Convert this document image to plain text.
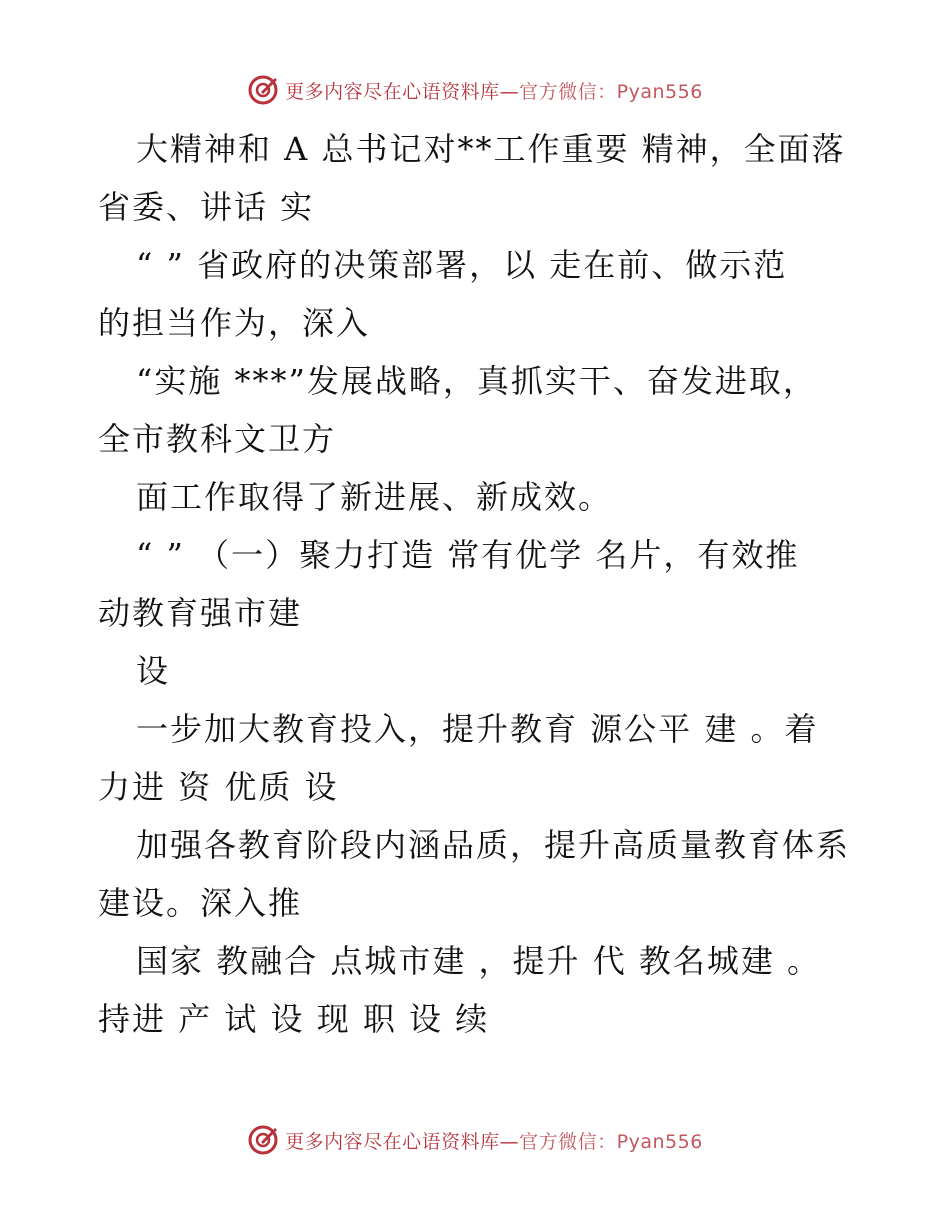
更多内容尽在心语资料库—官方微信：Pyan556
大精神和 A 总书记对**工作重要 精神，全面落
省委、讲话 实
“ ” 省政府的决策部署，以 走在前、做示范
的担当作为，深入
“实施 ***”发展战略，真抓实干、奋发进取，
全市教科文卫方
面工作取得了新进展、新成效。
“ ” （一）聚力打造 常有优学 名片，有效推
动教育强市建
设
一步加大教育投入，提升教育 源公平 建 。着
力进 资 优质 设
加强各教育阶段内涵品质，提升高质量教育体系
建设。深入推
国家 教融合 点城市建 ，提升 代 教名城建 。
持进 产 试 设 现 职 设 续
更多内容尽在心语资料库—官方微信：Pyan556
